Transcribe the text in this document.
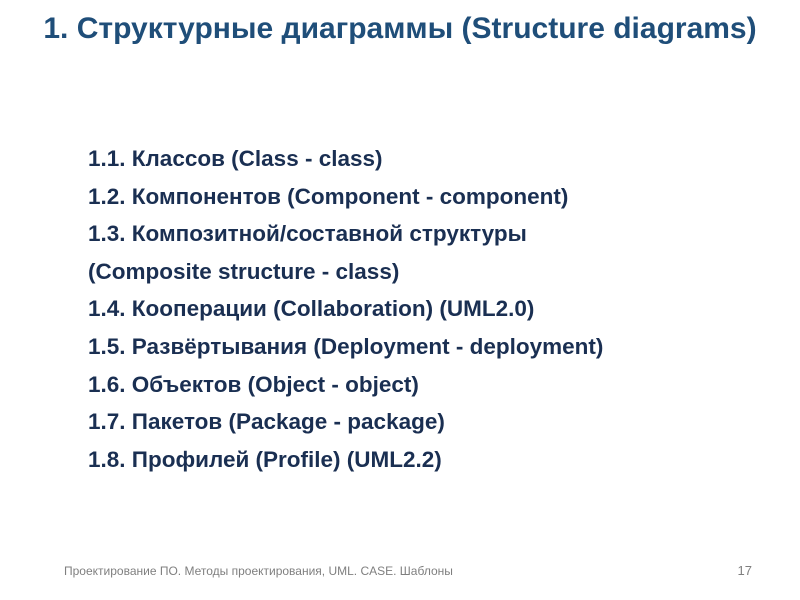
1. Структурные диаграммы (Structure diagrams)
1.1. Классов (Class - class)
1.2. Компонентов (Component - component)
1.3. Композитной/составной структуры
(Composite structure - class)
1.4. Кооперации (Collaboration) (UML2.0)
1.5. Развёртывания (Deployment - deployment)
1.6. Объектов (Object - object)
1.7. Пакетов (Package - package)
1.8. Профилей (Profile) (UML2.2)
Проектирование ПО. Методы проектирования, UML. CASE. Шаблоны	17
